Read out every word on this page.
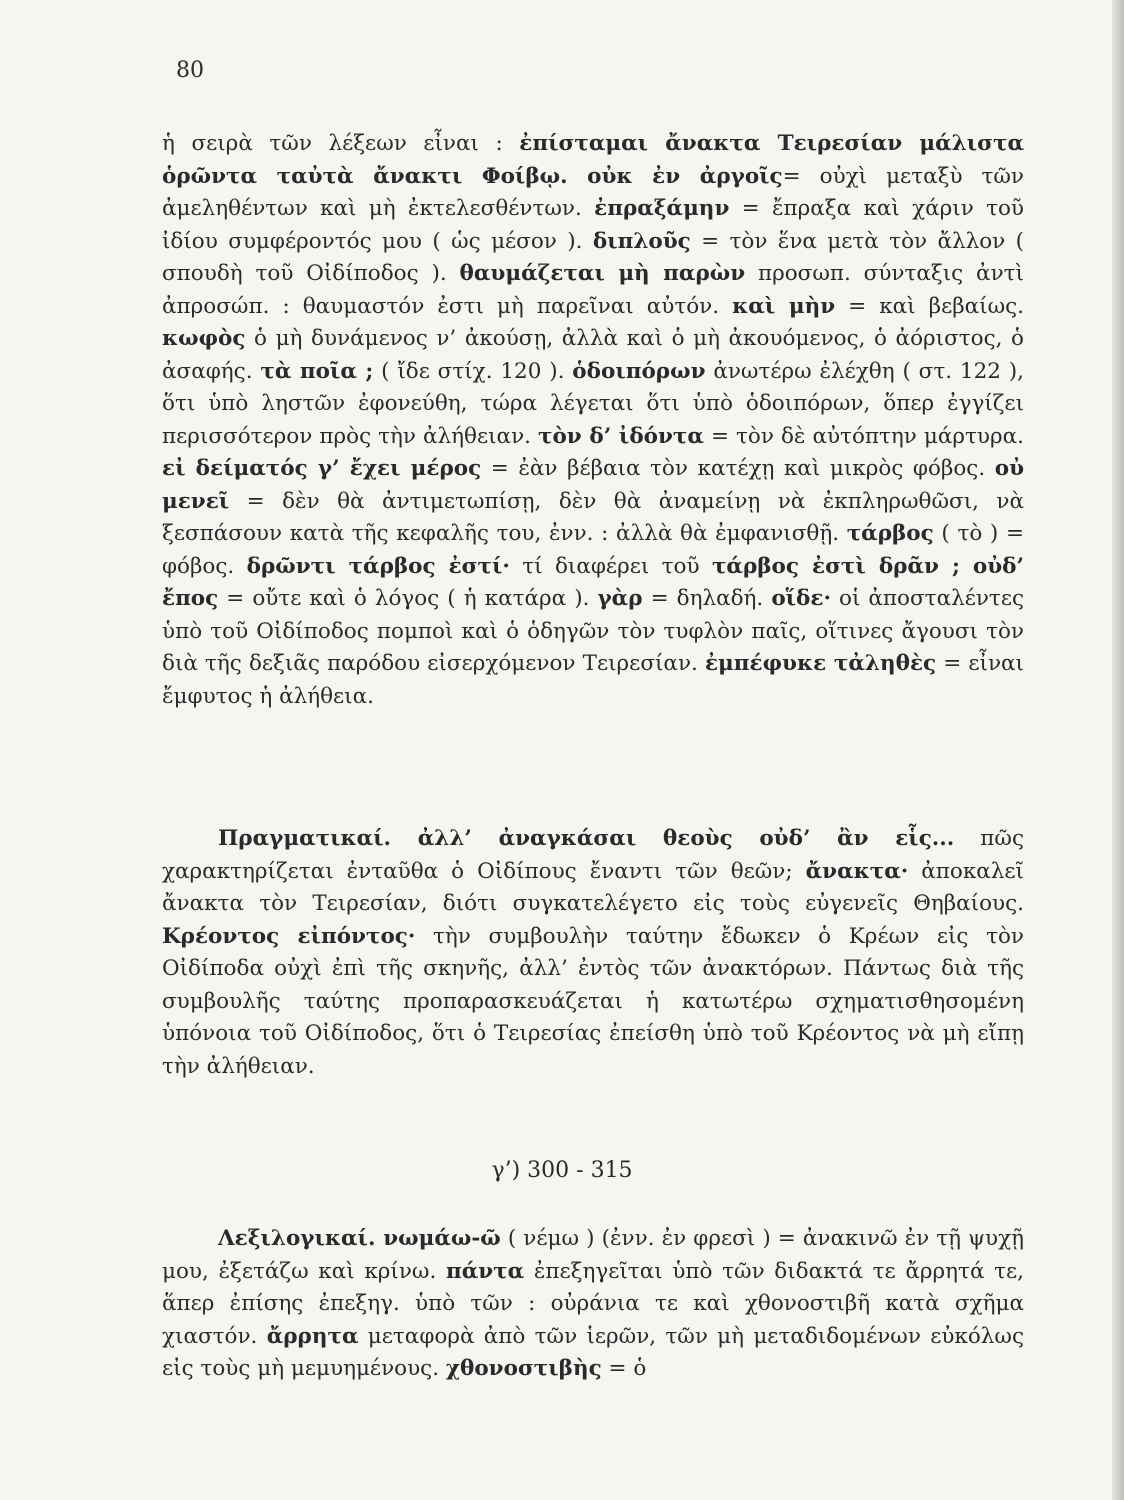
80

ἡ σειρὰ τῶν λέξεων εἶναι : ἐπίσταμαι ἄνακτα Τειρεσίαν μάλιστα ὁρῶντα ταὐτὰ ἄνακτι Φοίβῳ. οὐκ ἐν ἀργοῖς= οὐχὶ μεταξὺ τῶν ἀμεληθέντων καὶ μὴ ἐκτελεσθέντων. ἐπραξάμην = ἔπραξα καὶ χάριν τοῦ ἰδίου συμφέροντός μου ( ὡς μέσον ). διπλοῦς = τὸν ἕνα μετὰ τὸν ἄλλον ( σπουδὴ τοῦ Οἰδίποδος ). θαυμάζεται μὴ παρὼν προσωπ. σύνταξις ἀντὶ ἀπροσώπ. : θαυμαστόν ἐστι μὴ παρεῖναι αὐτόν. καὶ μὴν = καὶ βεβαίως. κωφὸς ὁ μὴ δυνάμενος ν’ ἀκούσῃ, ἀλλὰ καὶ ὁ μὴ ἀκουόμενος, ὁ ἀόριστος, ὁ ἀσαφής. τὰ ποῖα ; ( ἴδε στίχ. 120 ). ὁδοιπόρων ἀνωτέρω ἐλέχθη ( στ. 122 ), ὅτι ὑπὸ ληστῶν ἐφονεύθη, τώρα λέγεται ὅτι ὑπὸ ὁδοιπόρων, ὅπερ ἐγγίζει περισσότερον πρὸς τὴν ἀλήθειαν. τὸν δ’ ἰδόντα = τὸν δὲ αὐτόπτην μάρτυρα. εἰ δείματός γ’ ἔχει μέρος = ἐὰν βέβαια τὸν κατέχῃ καὶ μικρὸς φόβος. οὐ μενεῖ = δὲν θὰ ἀντιμετωπίσῃ, δὲν θὰ ἀναμείνῃ νὰ ἐκπληρωθῶσι, νὰ ξεσπάσουν κατὰ τῆς κεφαλῆς του, ἐνν. : ἀλλὰ θὰ ἐμφανισθῇ. τάρβος ( τὸ ) = φόβος. δρῶντι τάρβος ἐστί· τί διαφέρει τοῦ τάρβος ἐστὶ δρᾶν ; οὐδ’ ἔπος = οὔτε καὶ ὁ λόγος ( ἡ κατάρα ). γὰρ = δηλαδή. οἵδε· οἱ ἀποσταλέντες ὑπὸ τοῦ Οἰδίποδος πομποὶ καὶ ὁ ὁδηγῶν τὸν τυφλὸν παῖς, οἵτινες ἄγουσι τὸν διὰ τῆς δεξιᾶς παρόδου εἰσερχόμενον Τειρεσίαν. ἐμπέφυκε τἀληθὲς = εἶναι ἔμφυτος ἡ ἀλήθεια.

Πραγματικαί. ἀλλ’ ἀναγκάσαι θεοὺς οὐδ’ ἂν εἷς... πῶς χαρακτηρίζεται ἐνταῦθα ὁ Οἰδίπους ἔναντι τῶν θεῶν; ἄνακτα· ἀποκαλεῖ ἄνακτα τὸν Τειρεσίαν, διότι συγκατελέγετο εἰς τοὺς εὐγενεῖς Θηβαίους. Κρέοντος εἰπόντος· τὴν συμβουλὴν ταύτην ἔδωκεν ὁ Κρέων εἰς τὸν Οἰδίποδα οὐχὶ ἐπὶ τῆς σκηνῆς, ἀλλ’ ἐντὸς τῶν ἀνακτόρων. Πάντως διὰ τῆς συμβουλῆς ταύτης προπαρασκευάζεται ἡ κατωτέρω σχηματισθησομένη ὑπόνοια τοῦ Οἰδίποδος, ὅτι ὁ Τειρεσίας ἐπείσθη ὑπὸ τοῦ Κρέοντος νὰ μὴ εἴπῃ τὴν ἀλήθειαν.

γ’) 300 - 315

Λεξιλογικαί. νωμάω-ῶ ( νέμω ) (ἐνν. ἐν φρεσὶ ) = ἀνακινῶ ἐν τῇ ψυχῇ μου, ἐξετάζω καὶ κρίνω. πάντα ἐπεξηγεῖται ὑπὸ τῶν διδακτά τε ἄρρητά τε, ἅπερ ἐπίσης ἐπεξηγ. ὑπὸ τῶν : οὐράνια τε καὶ χθονοστιβῆ κατὰ σχῆμα χιαστόν. ἄρρητα μεταφορὰ ἀπὸ τῶν ἱερῶν, τῶν μὴ μεταδιδομένων εὐκόλως εἰς τοὺς μὴ μεμυημένους. χθονοστιβὴς = ὁ
